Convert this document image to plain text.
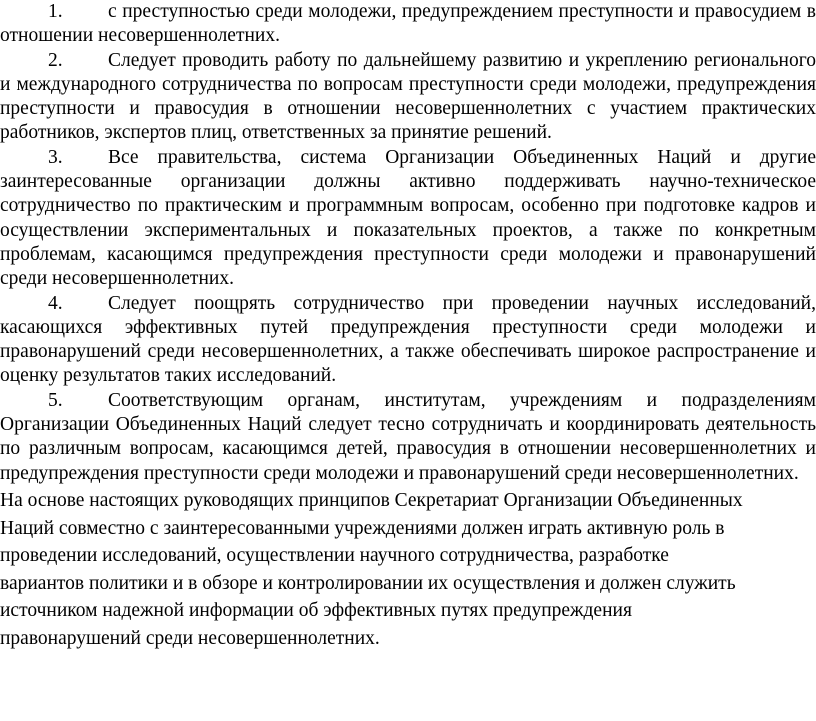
1. с преступностью среди молодежи, предупреждением преступности и правосудием в отношении несовершеннолетних.

2. Следует проводить работу по дальнейшему развитию и укреплению регионального и международного сотрудничества по вопросам преступности среди молодежи, предупреждения преступности и правосудия в отношении несовершеннолетних с участием практических работников, экспертов плиц, ответственных за принятие решений.

3. Все правительства, система Организации Объединенных Наций и другие заинтересованные организации должны активно поддерживать научно-техническое сотрудничество по практическим и программным вопросам, особенно при подготовке кадров и осуществлении экспериментальных и показательных проектов, а также по конкретным проблемам, касающимся предупреждения преступности среди молодежи и правонарушений среди несовершеннолетних.

4. Следует поощрять сотрудничество при проведении научных исследований, касающихся эффективных путей предупреждения преступности среди молодежи и правонарушений среди несовершеннолетних, а также обеспечивать широкое распространение и оценку результатов таких исследований.

5. Соответствующим органам, институтам, учреждениям и подразделениям Организации Объединенных Наций следует тесно сотрудничать и координировать деятельность по различным вопросам, касающимся детей, правосудия в отношении несовершеннолетних и предупреждения преступности среди молодежи и правонарушений среди несовершеннолетних.

На основе настоящих руководящих принципов Секретариат Организации Объединенных
Наций совместно с заинтересованными учреждениями должен играть активную роль в
проведении исследований, осуществлении научного сотрудничества, разработке
вариантов политики и в обзоре и контролировании их осуществления и должен служить
источником надежной информации об эффективных путях предупреждения
правонарушений среди несовершеннолетних.
